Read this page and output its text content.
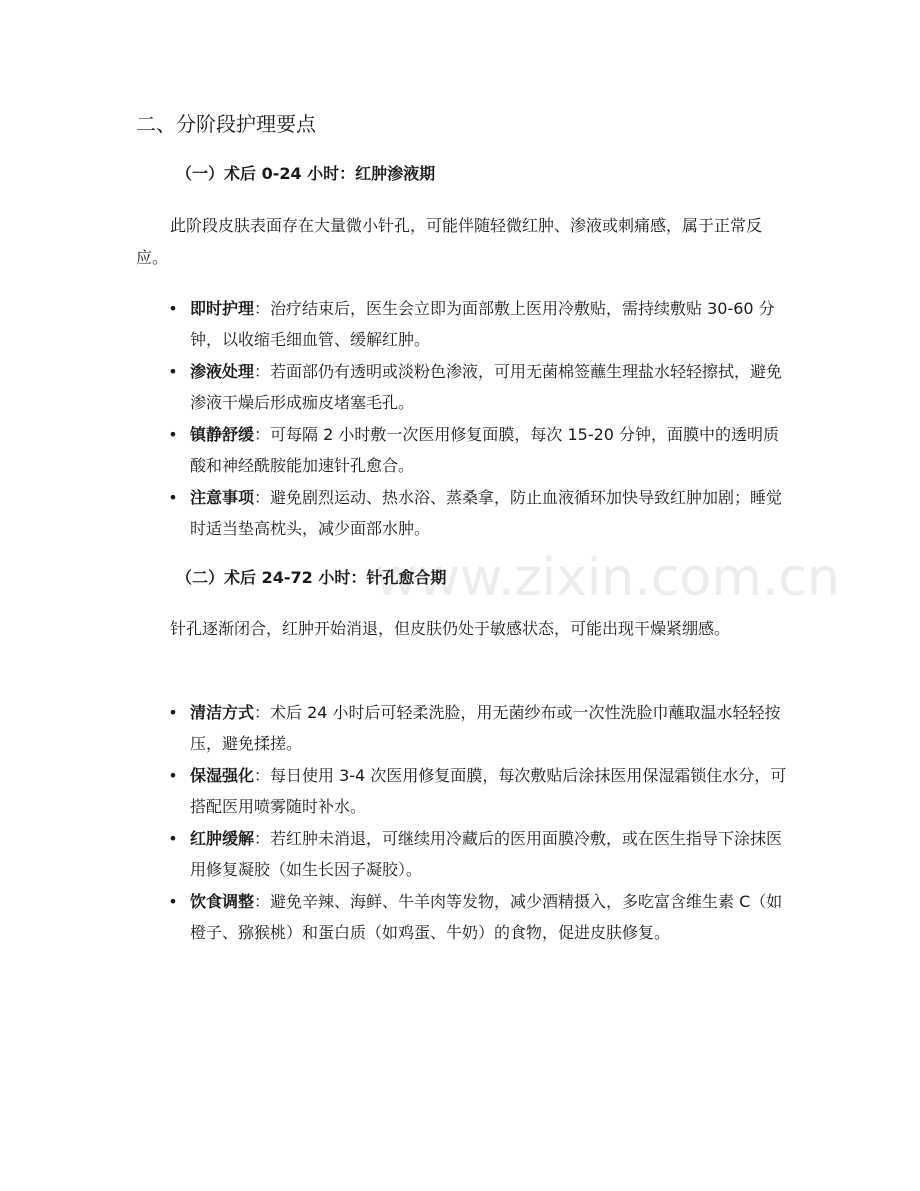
www.zixin.com.cn
二、分阶段护理要点
（一）术后 0-24 小时：红肿渗液期

此阶段皮肤表面存在大量微小针孔，可能伴随轻微红肿、渗液或刺痛感，属于正常反应。

• 即时护理：治疗结束后，医生会立即为面部敷上医用冷敷贴，需持续敷贴 30-60 分钟，以收缩毛细血管、缓解红肿。
• 渗液处理：若面部仍有透明或淡粉色渗液，可用无菌棉签蘸生理盐水轻轻擦拭，避免渗液干燥后形成痂皮堵塞毛孔。
• 镇静舒缓：可每隔 2 小时敷一次医用修复面膜，每次 15-20 分钟，面膜中的透明质酸和神经酰胺能加速针孔愈合。
• 注意事项：避免剧烈运动、热水浴、蒸桑拿，防止血液循环加快导致红肿加剧；睡觉时适当垫高枕头，减少面部水肿。
（二）术后 24-72 小时：针孔愈合期

针孔逐渐闭合，红肿开始消退，但皮肤仍处于敏感状态，可能出现干燥紧绷感。

• 清洁方式：术后 24 小时后可轻柔洗脸，用无菌纱布或一次性洗脸巾蘸取温水轻轻按压，避免揉搓。
• 保湿强化：每日使用 3-4 次医用修复面膜，每次敷贴后涂抹医用保湿霜锁住水分，可搭配医用喷雾随时补水。
• 红肿缓解：若红肿未消退，可继续用冷藏后的医用面膜冷敷，或在医生指导下涂抹医用修复凝胶（如生长因子凝胶）。
• 饮食调整：避免辛辣、海鲜、牛羊肉等发物，减少酒精摄入，多吃富含维生素 C（如橙子、猕猴桃）和蛋白质（如鸡蛋、牛奶）的食物，促进皮肤修复。
